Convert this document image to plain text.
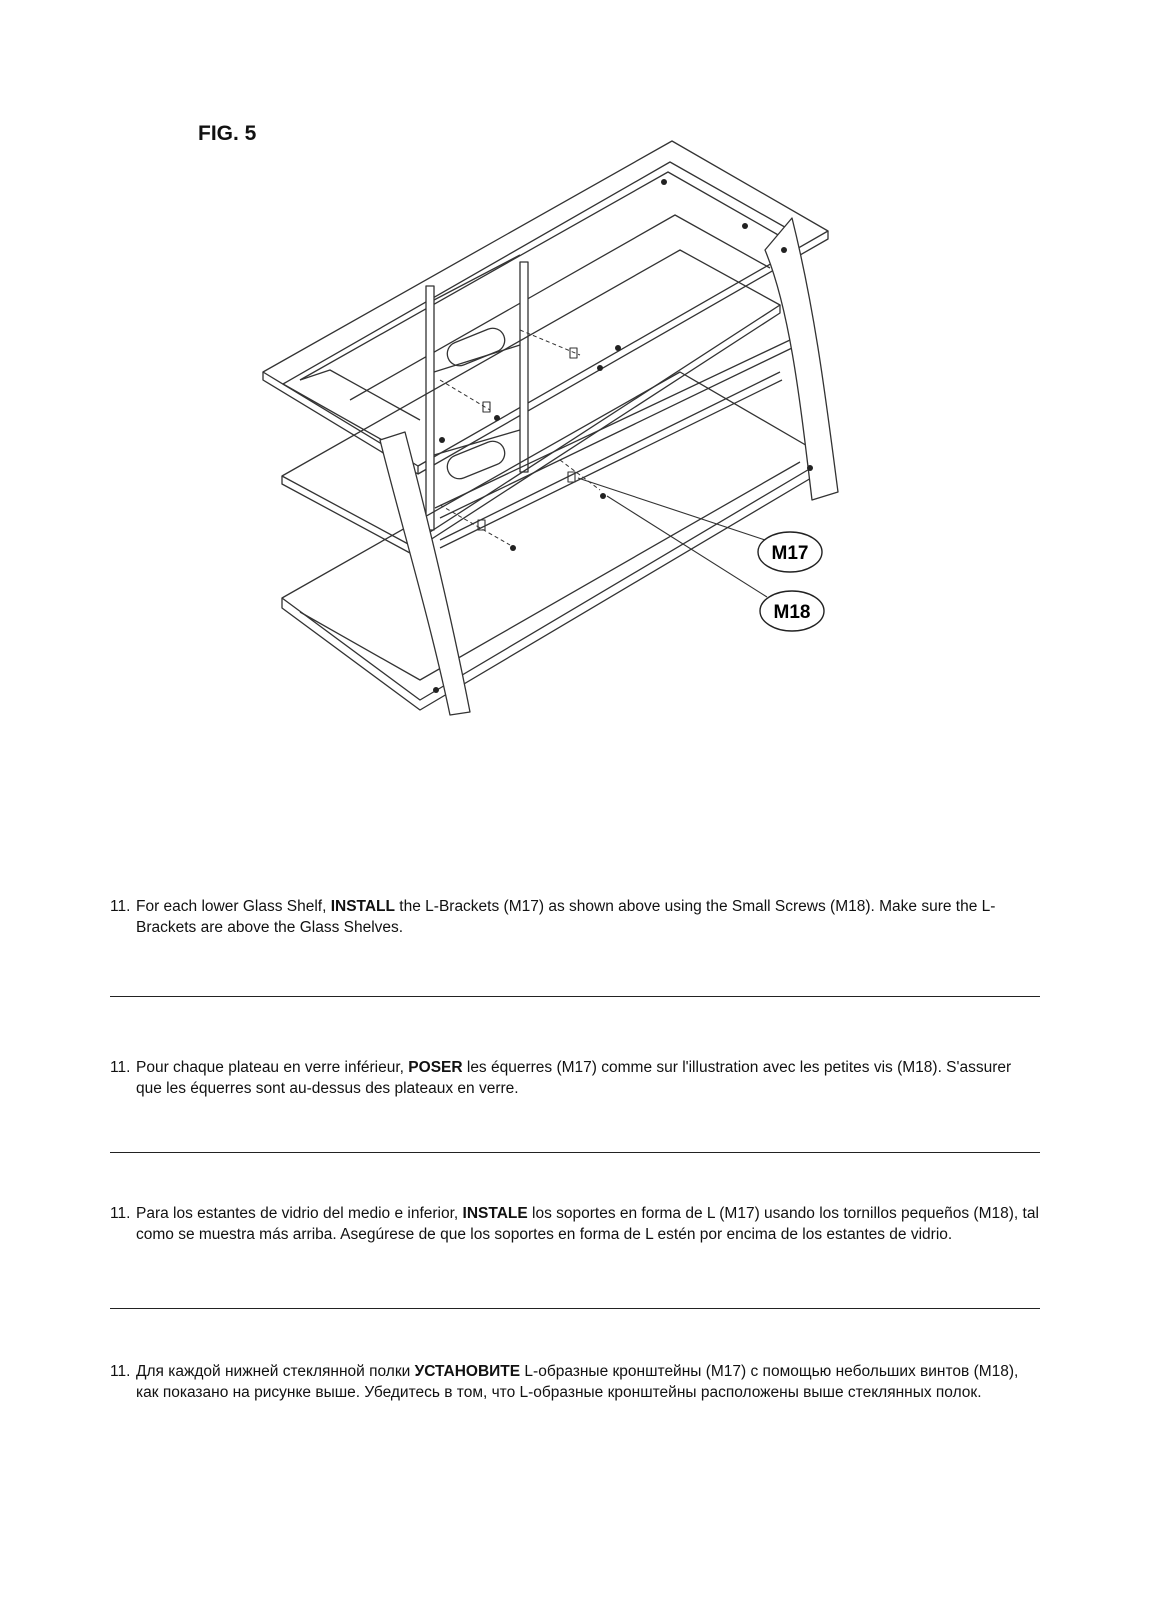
FIG. 5
M17
M18
11. For each lower Glass Shelf, INSTALL the L-Brackets (M17) as shown above using the Small Screws (M18). Make sure the L-Brackets are above the Glass Shelves.
11. Pour chaque plateau en verre inférieur, POSER les équerres (M17) comme sur l'illustration avec les petites vis (M18). S'assurer que les équerres sont au-dessus des plateaux en verre.
11. Para los estantes de vidrio del medio e inferior, INSTALE los soportes en forma de L (M17) usando los tornillos pequeños (M18), tal como se muestra más arriba. Asegúrese de que los soportes en forma de L estén por encima de los estantes de vidrio.
11. Для каждой нижней стеклянной полки УСТАНОВИТЕ L-образные кронштейны (M17) с помощью небольших винтов (M18), как показано на рисунке выше. Убедитесь в том, что L-образные кронштейны расположены выше стеклянных полок.
